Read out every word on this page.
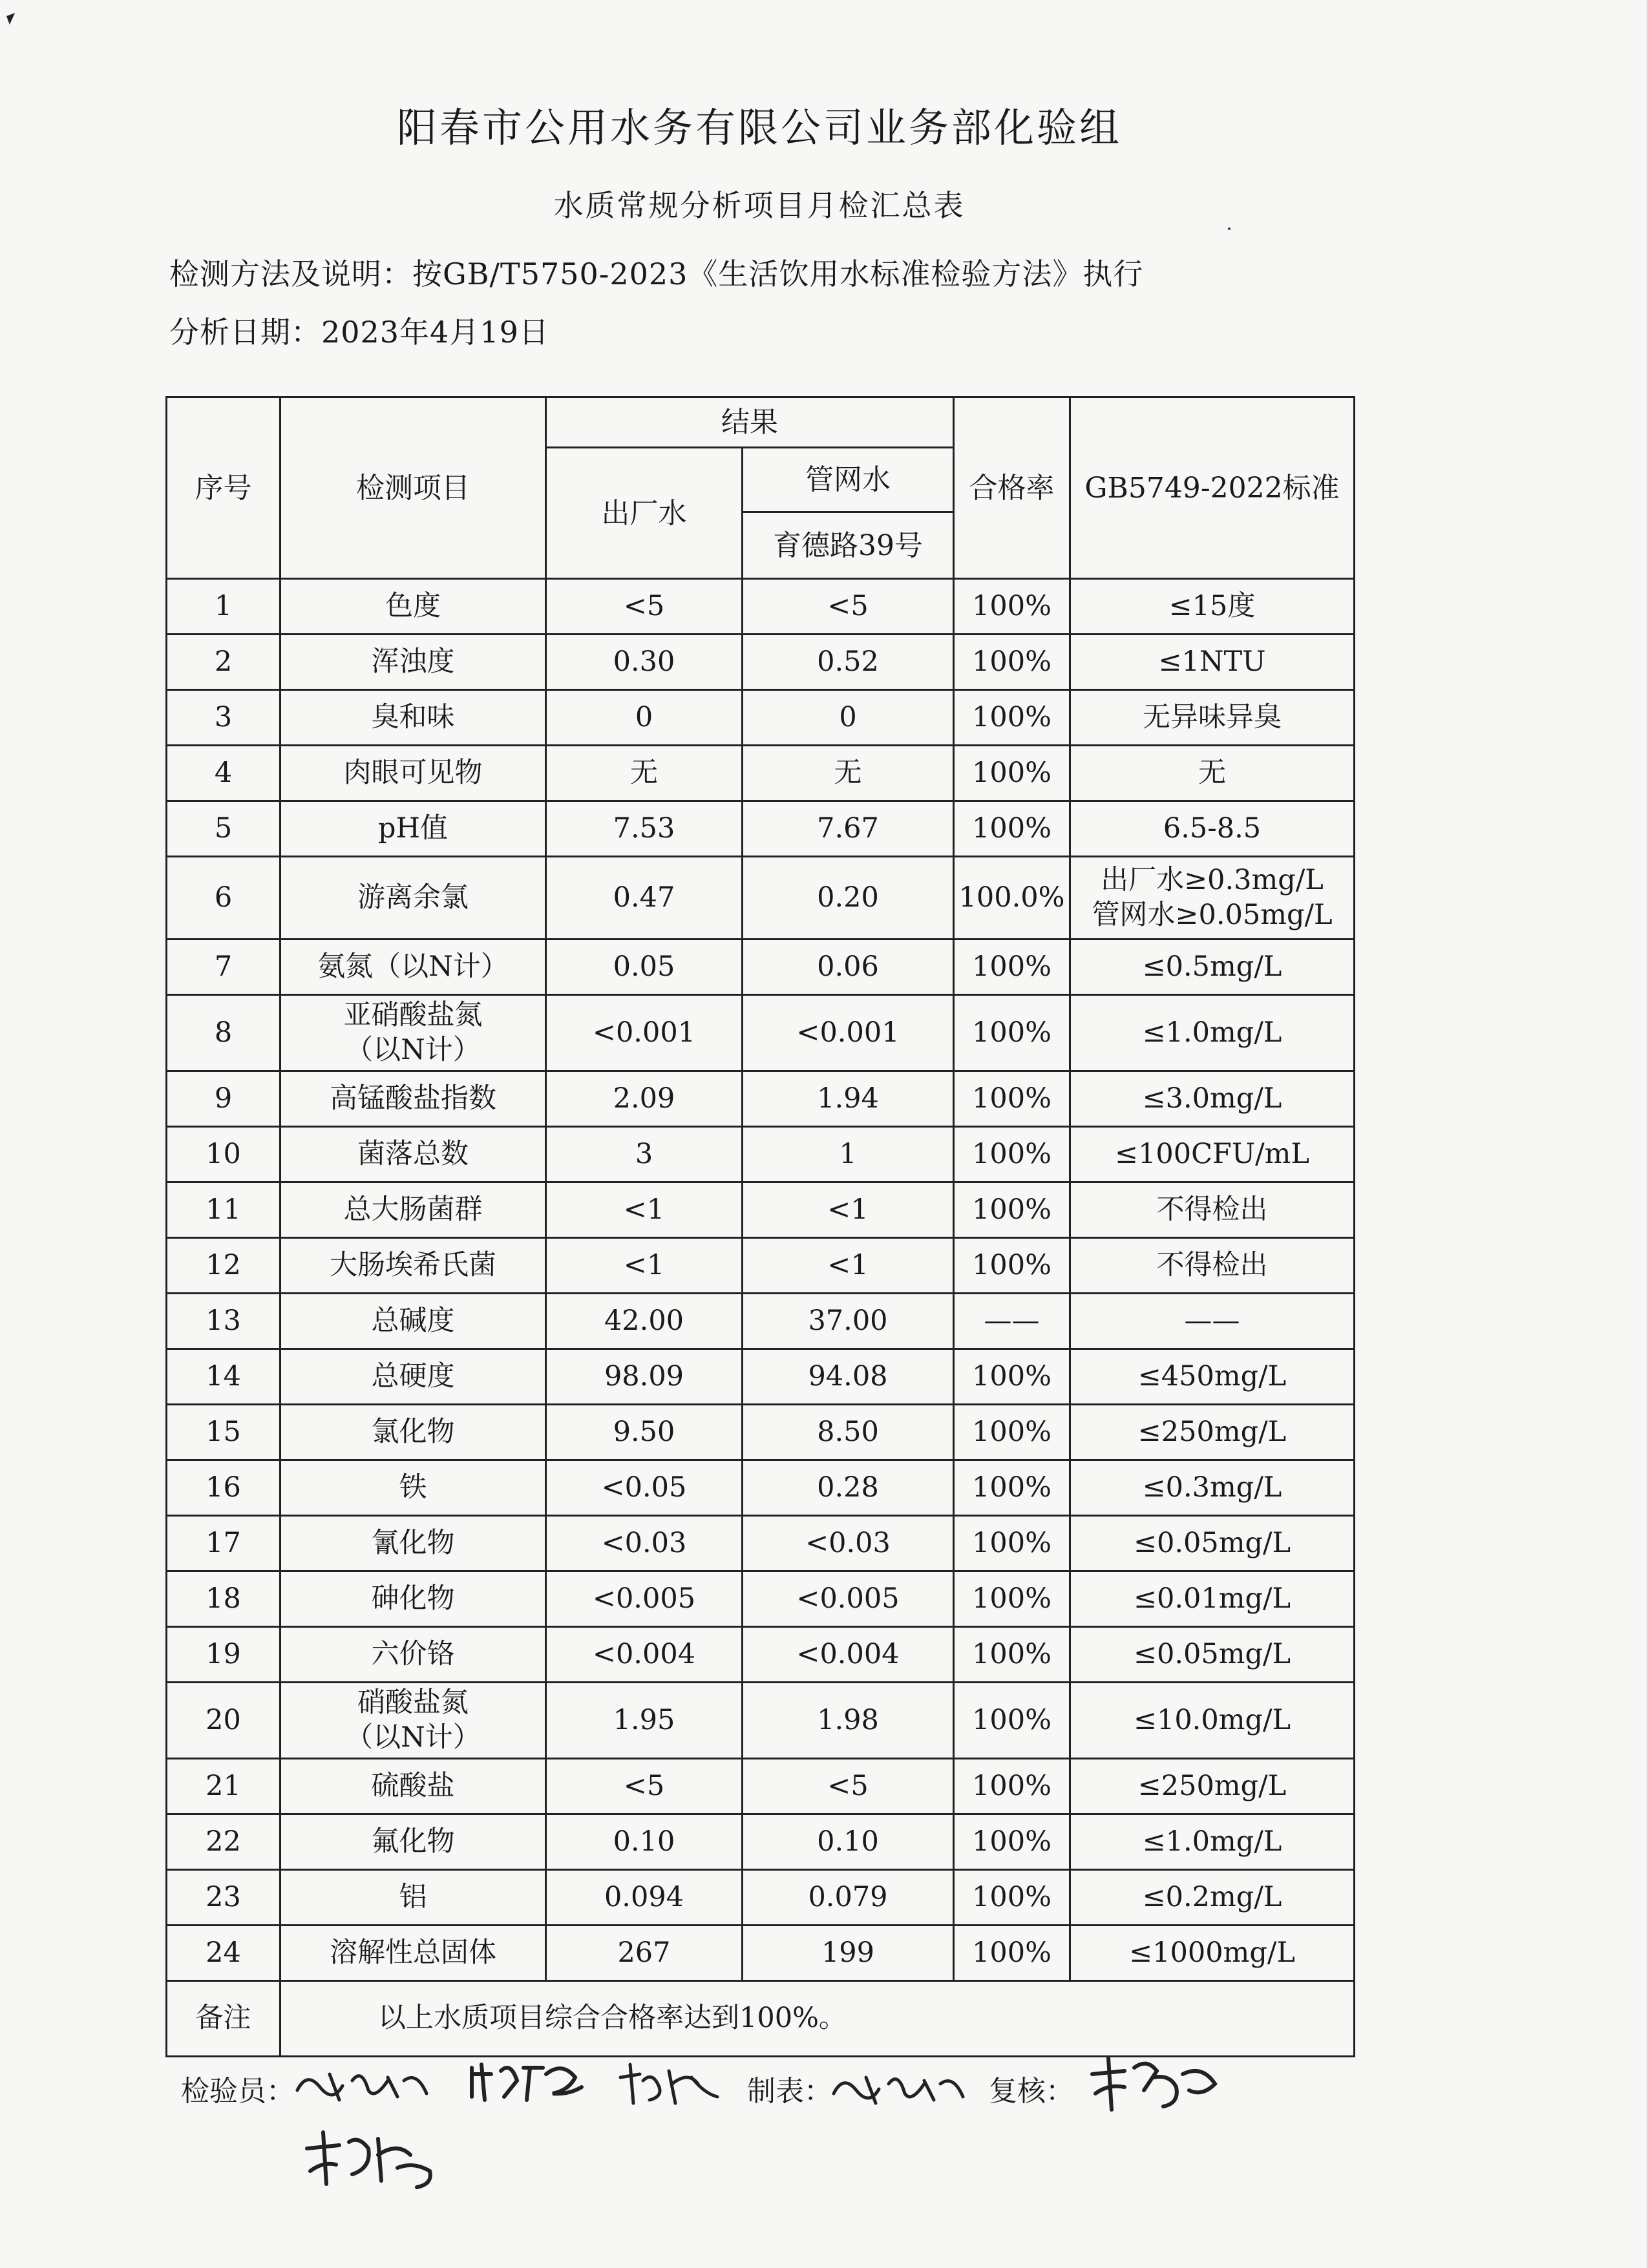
阳春市公用水务有限公司业务部化验组
水质常规分析项目月检汇总表
检测方法及说明：按GB/T5750-2023《生活饮用水标准检验方法》执行
分析日期：2023年4月19日
序号	检测项目	结果		合格率	GB5749-2022标准
		出厂水	管网水		
			育德路39号		

1	色度	<5	<5	100%	≤15度

2	浑浊度	0.30	0.52	100%	≤1NTU

3	臭和味	0	0	100%	无异味异臭

4	肉眼可见物	无	无	100%	无

5	pH值	7.53	7.67	100%	6.5-8.5

6	游离余氯	0.47	0.20	100.0%	出厂水≥0.3mg/L
管网水≥0.05mg/L

7	氨氮（以N计）	0.05	0.06	100%	≤0.5mg/L

8	亚硝酸盐氮
（以N计）	<0.001	<0.001	100%	≤1.0mg/L

9	高锰酸盐指数	2.09	1.94	100%	≤3.0mg/L

10	菌落总数	3	1	100%	≤100CFU/mL

11	总大肠菌群	<1	<1	100%	不得检出

12	大肠埃希氏菌	<1	<1	100%	不得检出

13	总碱度	42.00	37.00	——	——

14	总硬度	98.09	94.08	100%	≤450mg/L

15	氯化物	9.50	8.50	100%	≤250mg/L

16	铁	<0.05	0.28	100%	≤0.3mg/L

17	氰化物	<0.03	<0.03	100%	≤0.05mg/L

18	砷化物	<0.005	<0.005	100%	≤0.01mg/L

19	六价铬	<0.004	<0.004	100%	≤0.05mg/L

20	硝酸盐氮
（以N计）	1.95	1.98	100%	≤10.0mg/L

21	硫酸盐	<5	<5	100%	≤250mg/L

22	氟化物	0.10	0.10	100%	≤1.0mg/L

23	铝	0.094	0.079	100%	≤0.2mg/L

24	溶解性总固体	267	199	100%	≤1000mg/L

备注	以上水质项目综合合格率达到100%。				
检验员：	制表：	复核：
